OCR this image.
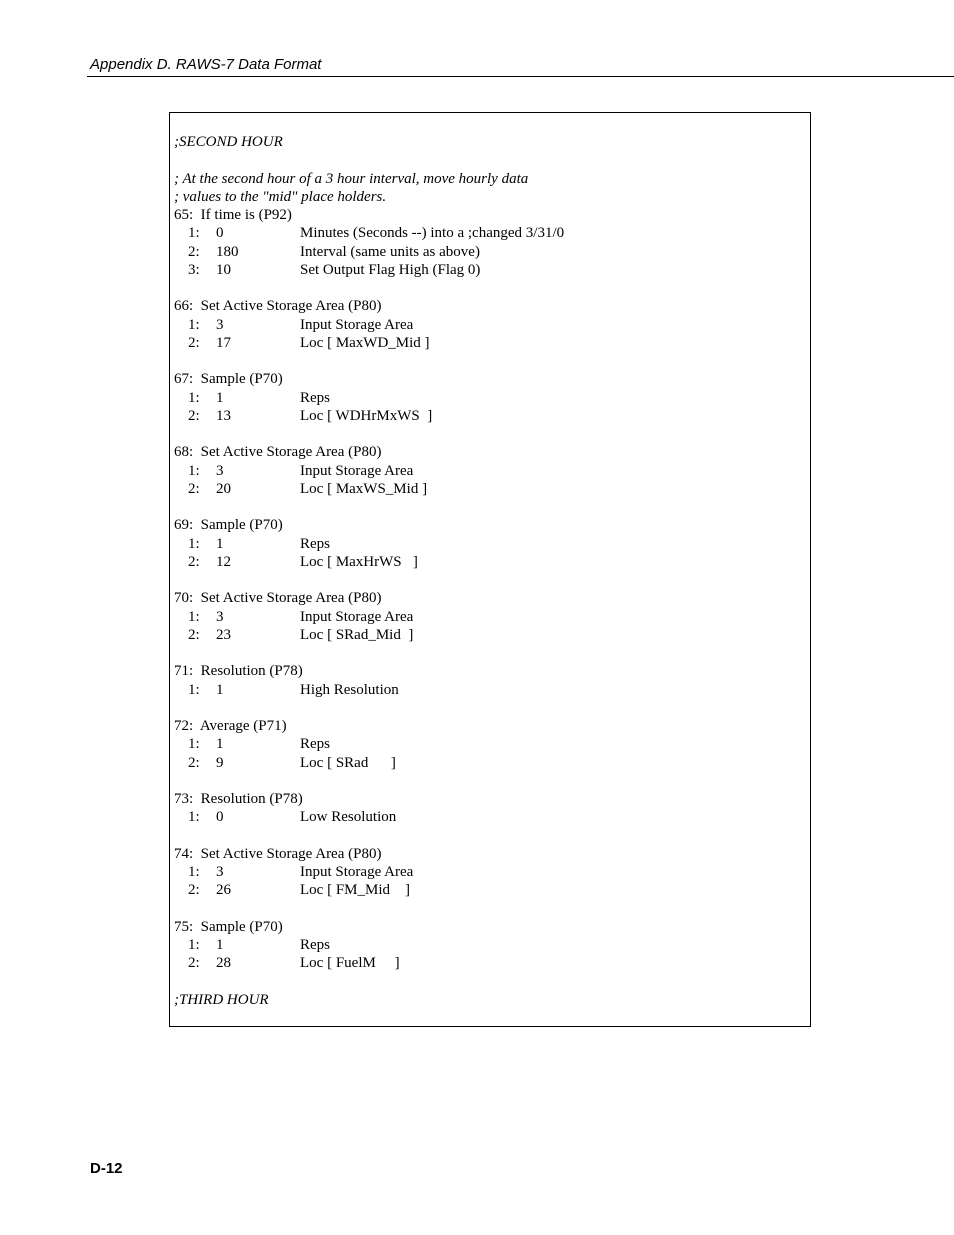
Appendix D. RAWS-7 Data Format
;SECOND HOUR
; At the second hour of a 3 hour interval, move hourly data
; values to the "mid" place holders.
65:  If time is (P92)
1: 0	Minutes (Seconds --) into a ;changed 3/31/0
2: 180	Interval (same units as above)
3: 10	Set Output Flag High (Flag 0)
66:  Set Active Storage Area (P80)
1: 3	Input Storage Area
2: 17	Loc [ MaxWD_Mid ]
67:  Sample (P70)
1: 1	Reps
2: 13	Loc [ WDHrMxWS  ]
68:  Set Active Storage Area (P80)
1: 3	Input Storage Area
2: 20	Loc [ MaxWS_Mid ]
69:  Sample (P70)
1: 1	Reps
2: 12	Loc [ MaxHrWS   ]
70:  Set Active Storage Area (P80)
1: 3	Input Storage Area
2: 23	Loc [ SRad_Mid  ]
71:  Resolution (P78)
1: 1	High Resolution
72:  Average (P71)
1: 1	Reps
2: 9	Loc [ SRad      ]
73:  Resolution (P78)
1: 0	Low Resolution
74:  Set Active Storage Area (P80)
1: 3	Input Storage Area
2: 26	Loc [ FM_Mid    ]
75:  Sample (P70)
1: 1	Reps
2: 28	Loc [ FuelM     ]
;THIRD HOUR
D-12
